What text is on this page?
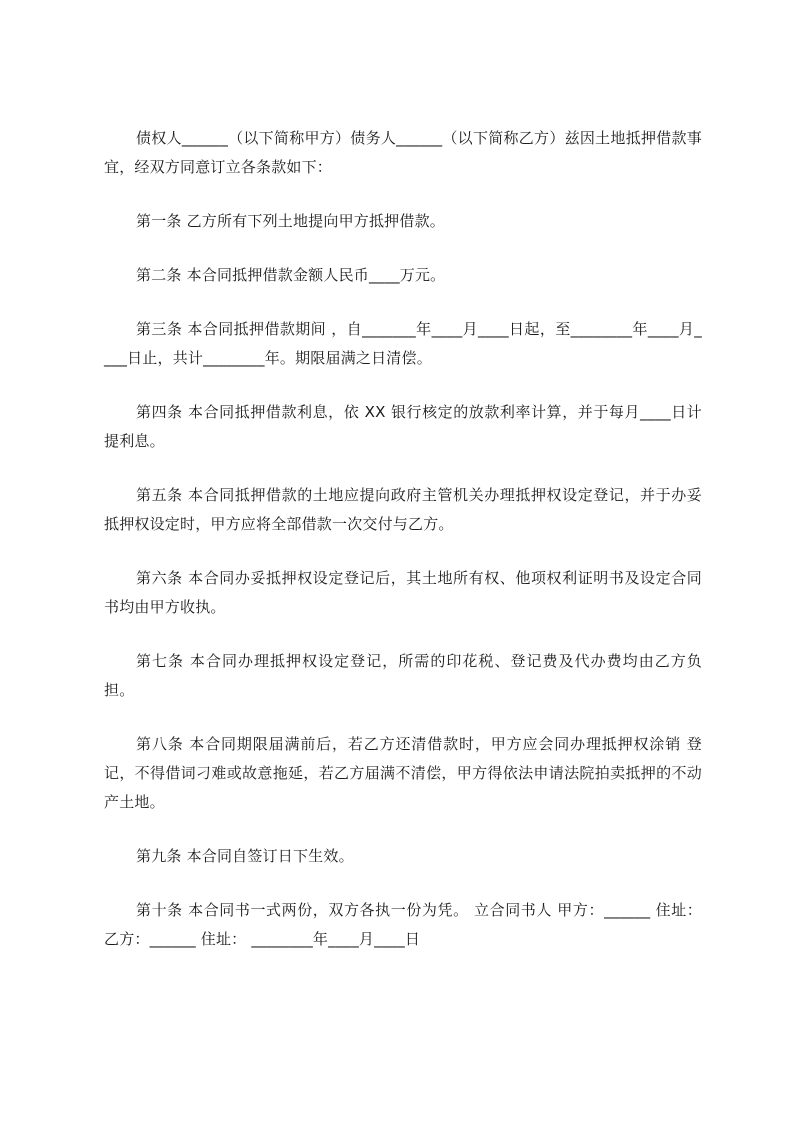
债权人______（以下简称甲方）债务人______（以下简称乙方）兹因土地抵押借款事宜，经双方同意订立各条款如下：

第一条 乙方所有下列土地提向甲方抵押借款。

第二条 本合同抵押借款金额人民币____万元。

第三条 本合同抵押借款期间 ，自_______年____月____日起，至________年____月____日止，共计________年。期限届满之日清偿。

第四条 本合同抵押借款利息，依 XX 银行核定的放款利率计算，并于每月____日计提利息。

第五条 本合同抵押借款的土地应提向政府主管机关办理抵押权设定登记，并于办妥抵押权设定时，甲方应将全部借款一次交付与乙方。

第六条 本合同办妥抵押权设定登记后，其土地所有权、他项权利证明书及设定合同书均由甲方收执。

第七条 本合同办理抵押权设定登记，所需的印花税、登记费及代办费均由乙方负担。

第八条 本合同期限届满前后，若乙方还清借款时，甲方应会同办理抵押权涂销 登记，不得借词刁难或故意拖延，若乙方届满不清偿，甲方得依法申请法院拍卖抵押的不动产土地。

第九条 本合同自签订日下生效。

第十条 本合同书一式两份，双方各执一份为凭。 立合同书人 甲方：______ 住址： 乙方：______ 住址： ________年____月____日
